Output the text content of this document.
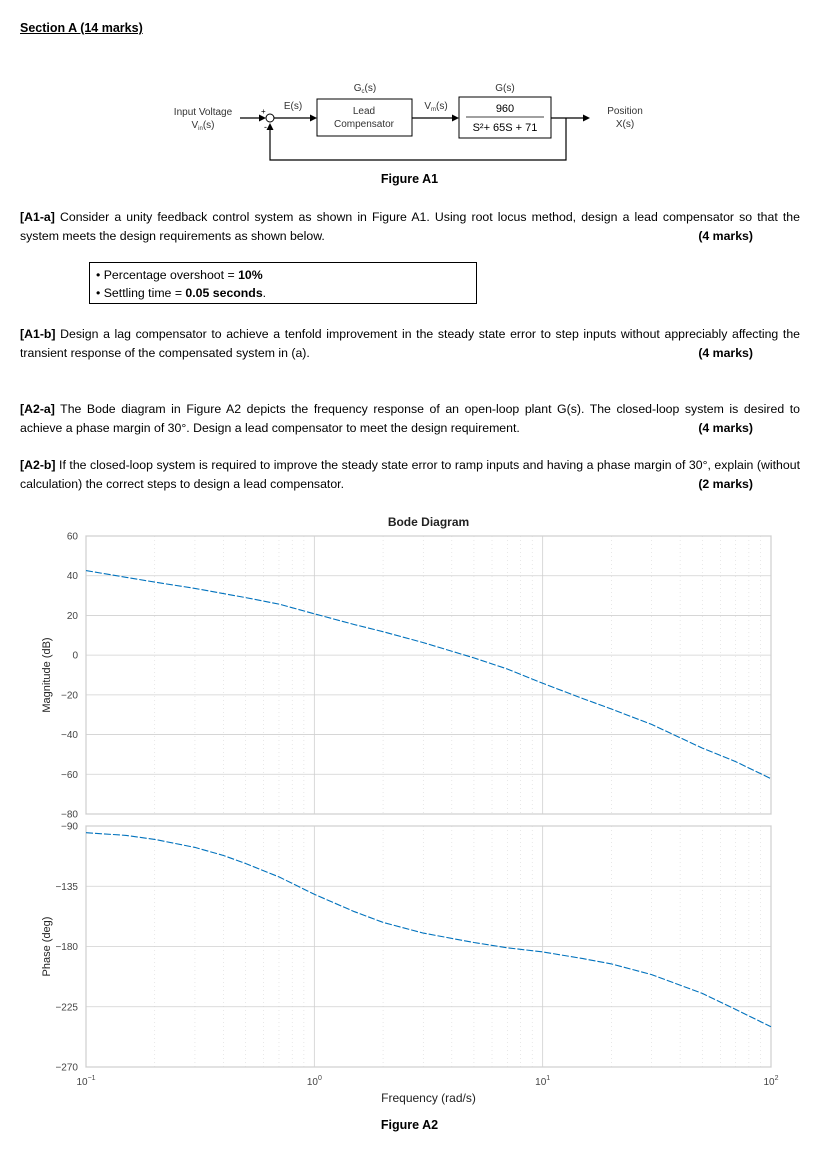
Section A (14 marks)
Input Voltage
$V_{in}(s)$
+
-
E(s)
$G_c(s)$
Lead
Compensator
$V_m(s)$
G(s)
960
S²+ 65S + 71
Position
X(s)
Figure A1
[A1-a] Consider a unity feedback control system as shown in Figure A1. Using root locus method, design a lead compensator so that the system meets the design requirements as shown below.	(4 marks)
• Percentage overshoot = 10%
• Settling time = 0.05 seconds.
[A1-b] Design a lag compensator to achieve a tenfold improvement in the steady state error to step inputs without appreciably affecting the transient response of the compensated system in (a).	(4 marks)
[A2-a] The Bode diagram in Figure A2 depicts the frequency response of an open-loop plant G(s). The closed-loop system is desired to achieve a phase margin of 30°. Design a lead compensator to meet the design requirement.	(4 marks)
[A2-b] If the closed-loop system is required to improve the steady state error to ramp inputs and having a phase margin of 30°, explain (without calculation) the correct steps to design a lead compensator.	(2 marks)
Bode Diagram
−80
−60
−40
−20
0
20
40
60
Magnitude (dB)
−270
−225
−180
−135
−90
Phase (deg)
$10^{-1}$	$10^0$	$10^1$	$10^2$
Frequency (rad/s)
Figure A2
